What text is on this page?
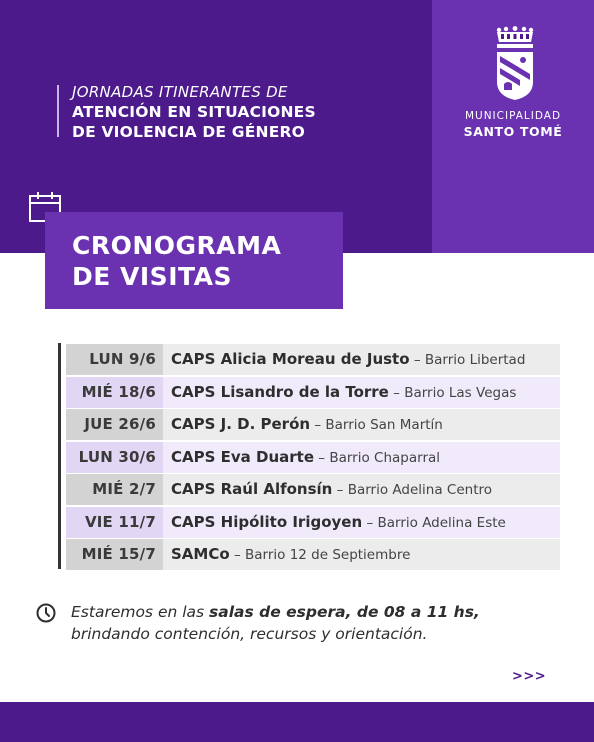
JORNADAS ITINERANTES DE
ATENCIÓN EN SITUACIONES
DE VIOLENCIA DE GÉNERO
MUNICIPALIDAD
SANTO TOMÉ
CRONOGRAMA
DE VISITAS
LUN 9/6	CAPS Alicia Moreau de Justo – Barrio Libertad
MIÉ 18/6	CAPS Lisandro de la Torre – Barrio Las Vegas
JUE 26/6	CAPS J. D. Perón – Barrio San Martín
LUN 30/6	CAPS Eva Duarte – Barrio Chaparral
MIÉ 2/7	CAPS Raúl Alfonsín – Barrio Adelina Centro
VIE 11/7	CAPS Hipólito Irigoyen – Barrio Adelina Este
MIÉ 15/7	SAMCo – Barrio 12 de Septiembre
Estaremos en las salas de espera, de 08 a 11 hs,
brindando contención, recursos y orientación.
>>>
